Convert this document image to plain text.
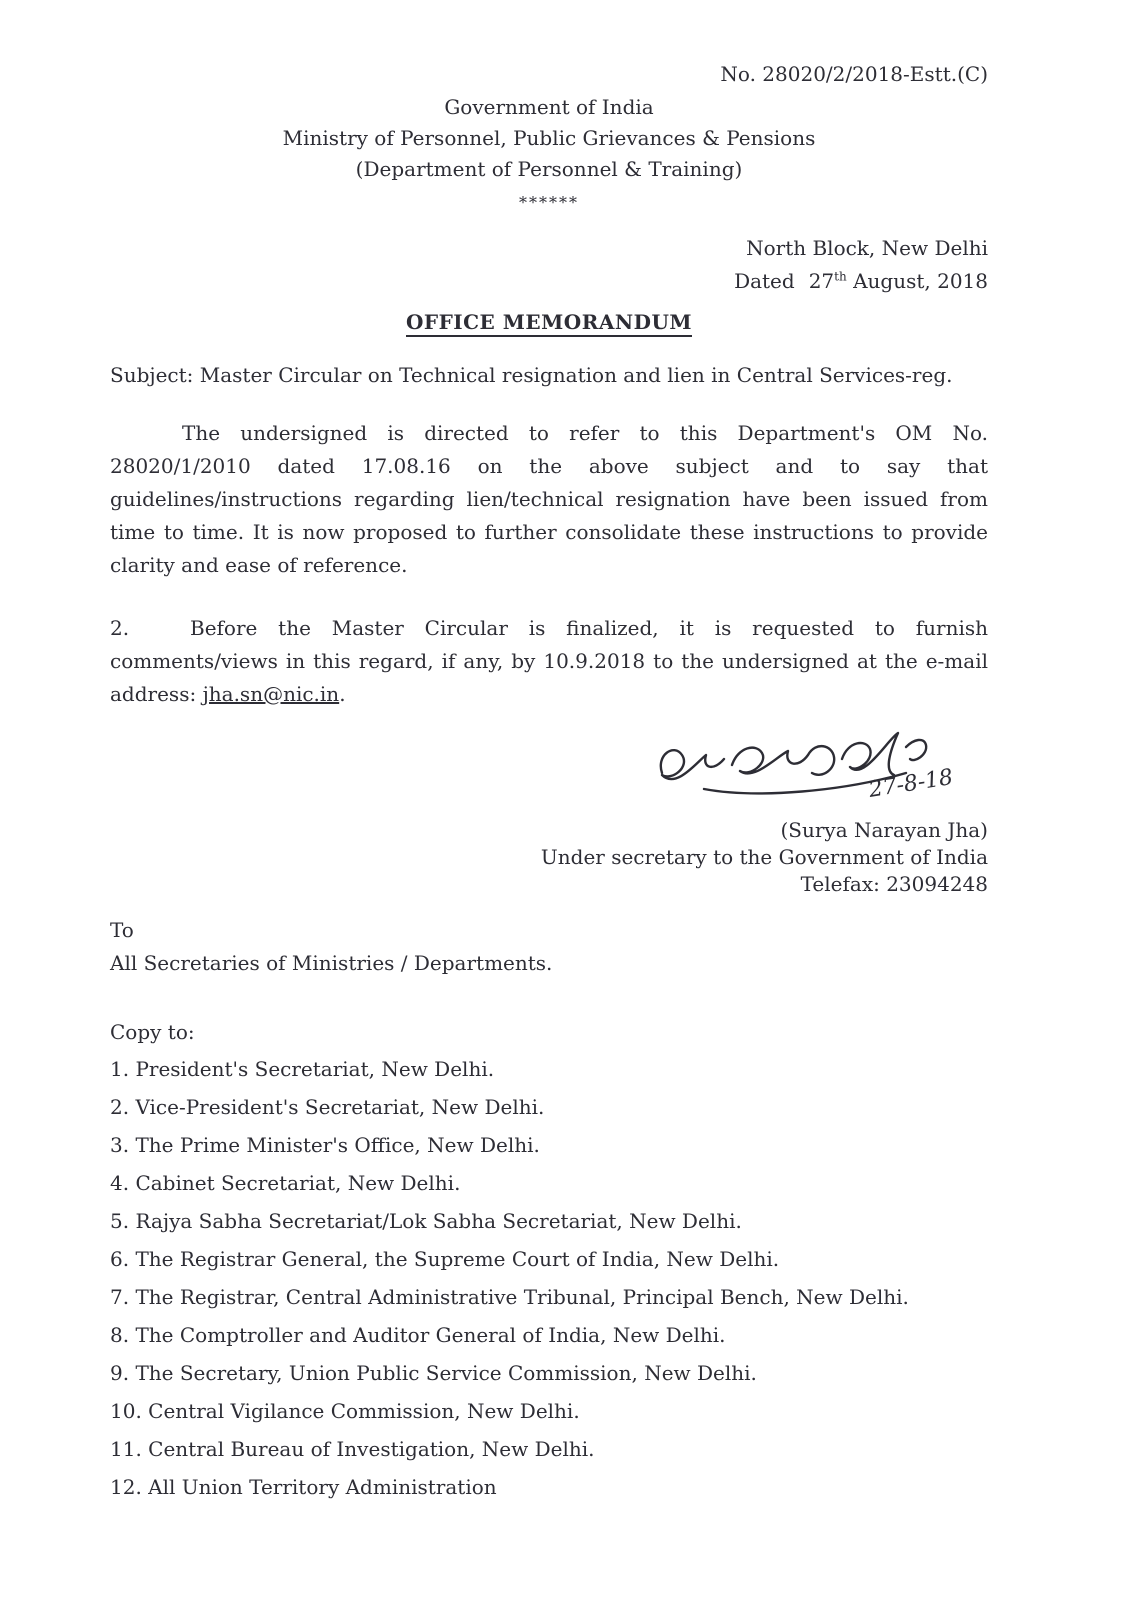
No. 28020/2/2018-Estt.(C)
Government of India
Ministry of Personnel, Public Grievances & Pensions
(Department of Personnel & Training)
******
North Block, New Delhi
Dated 27th August, 2018
OFFICE MEMORANDUM
Subject: Master Circular on Technical resignation and lien in Central Services-reg.

The undersigned is directed to refer to this Department's OM No. 28020/1/2010 dated 17.08.16 on the above subject and to say that guidelines/instructions regarding lien/technical resignation have been issued from time to time. It is now proposed to further consolidate these instructions to provide clarity and ease of reference.

2.	Before the Master Circular is finalized, it is requested to furnish comments/views in this regard, if any, by 10.9.2018 to the undersigned at the e-mail address: jha.sn@nic.in.

27-8-18
(Surya Narayan Jha)
Under secretary to the Government of India
Telefax: 23094248
To
All Secretaries of Ministries / Departments.
Copy to:
1. President's Secretariat, New Delhi.
2. Vice-President's Secretariat, New Delhi.
3. The Prime Minister's Office, New Delhi.
4. Cabinet Secretariat, New Delhi.
5. Rajya Sabha Secretariat/Lok Sabha Secretariat, New Delhi.
6. The Registrar General, the Supreme Court of India, New Delhi.
7. The Registrar, Central Administrative Tribunal, Principal Bench, New Delhi.
8. The Comptroller and Auditor General of India, New Delhi.
9. The Secretary, Union Public Service Commission, New Delhi.
10. Central Vigilance Commission, New Delhi.
11. Central Bureau of Investigation, New Delhi.
12. All Union Territory Administration
